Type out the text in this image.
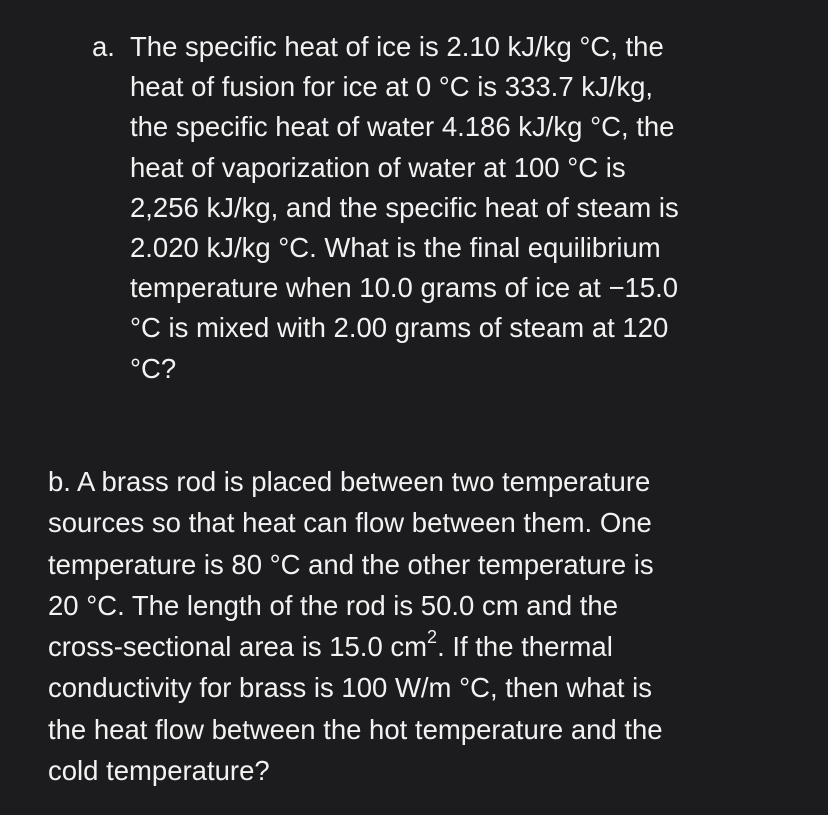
a. The specific heat of ice is 2.10 kJ/kg °C, the
heat of fusion for ice at 0 °C is 333.7 kJ/kg,
the specific heat of water 4.186 kJ/kg °C, the
heat of vaporization of water at 100 °C is
2,256 kJ/kg, and the specific heat of steam is
2.020 kJ/kg °C. What is the final equilibrium
temperature when 10.0 grams of ice at −15.0
°C is mixed with 2.00 grams of steam at 120
°C?
b. A brass rod is placed between two temperature
sources so that heat can flow between them. One
temperature is 80 °C and the other temperature is
20 °C. The length of the rod is 50.0 cm and the
cross-sectional area is 15.0 $cm^2$. If the thermal
conductivity for brass is 100 W/m °C, then what is
the heat flow between the hot temperature and the
cold temperature?
